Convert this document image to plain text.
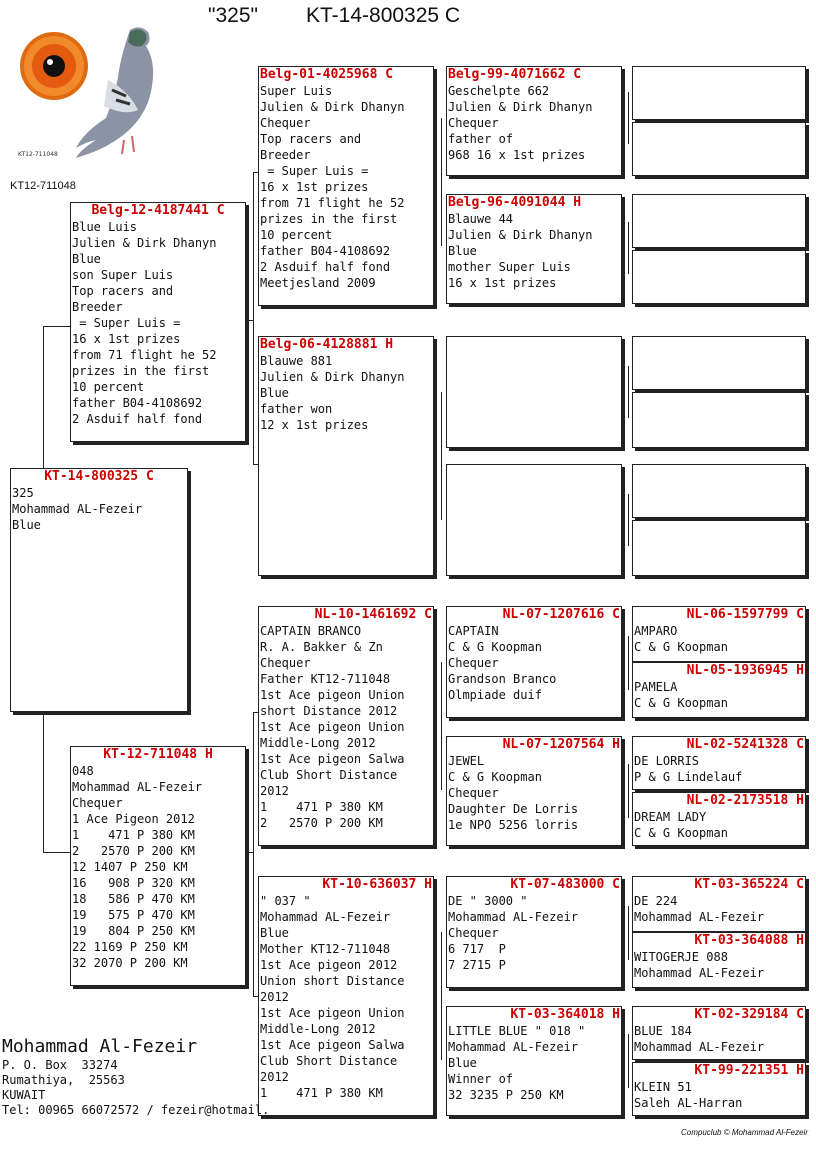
"325" KT-14-800325 C
KT12-711048
KT12-711048
KT-14-800325 C
325
Mohammad AL-Fezeir
Blue
Belg-12-4187441 C
Blue Luis
Julien & Dirk Dhanyn
Blue
son Super Luis
Top racers and
Breeder
= Super Luis =
16 x 1st prizes
from 71 flight he 52
prizes in the first
10 percent
father B04-4108692
2 Asduif half fond
KT-12-711048 H
048
Mohammad AL-Fezeir
Chequer
1 Ace Pigeon 2012
1    471 P 380 KM
2   2570 P 200 KM
12 1407 P 250 KM
16   908 P 320 KM
18   586 P 470 KM
19   575 P 470 KM
19   804 P 250 KM
22 1169 P 250 KM
32 2070 P 200 KM
Belg-01-4025968 C
Super Luis
Julien & Dirk Dhanyn
Chequer
Top racers and
Breeder
= Super Luis =
16 x 1st prizes
from 71 flight he 52
prizes in the first
10 percent
father B04-4108692
2 Asduif half fond
Meetjesland 2009
Belg-06-4128881 H
Blauwe 881
Julien & Dirk Dhanyn
Blue
father won
12 x 1st prizes
NL-10-1461692 C
CAPTAIN BRANCO
R. A. Bakker & Zn
Chequer
Father KT12-711048
1st Ace pigeon Union
short Distance 2012
1st Ace pigeon Union
Middle-Long 2012
1st Ace pigeon Salwa
Club Short Distance
2012
1    471 P 380 KM
2   2570 P 200 KM
KT-10-636037 H
" 037 "
Mohammad AL-Fezeir
Blue
Mother KT12-711048
1st Ace pigeon 2012
Union short Distance
2012
1st Ace pigeon Union
Middle-Long 2012
1st Ace pigeon Salwa
Club Short Distance
2012
1    471 P 380 KM
Belg-99-4071662 C
Geschelpte 662
Julien & Dirk Dhanyn
Chequer
father of
968 16 x 1st prizes
Belg-96-4091044 H
Blauwe 44
Julien & Dirk Dhanyn
Blue
mother Super Luis
16 x 1st prizes
NL-07-1207616 C
CAPTAIN
C & G Koopman
Chequer
Grandson Branco
Olmpiade duif
NL-07-1207564 H
JEWEL
C & G Koopman
Chequer
Daughter De Lorris
1e NPO 5256 lorris
KT-07-483000 C
DE " 3000 "
Mohammad AL-Fezeir
Chequer
6 717  P
7 2715 P
KT-03-364018 H
LITTLE BLUE " 018 "
Mohammad AL-Fezeir
Blue
Winner of
32 3235 P 250 KM
NL-06-1597799 C
AMPARO
C & G Koopman
NL-05-1936945 H
PAMELA
C & G Koopman
NL-02-5241328 C
DE LORRIS
P & G Lindelauf
NL-02-2173518 H
DREAM LADY
C & G Koopman
KT-03-365224 C
DE 224
Mohammad AL-Fezeir
KT-03-364088 H
WITOGERJE 088
Mohammad AL-Fezeir
KT-02-329184 C
BLUE 184
Mohammad AL-Fezeir
KT-99-221351 H
KLEIN 51
Saleh AL-Harran
Mohammad Al-Fezeir
P. O. Box  33274
Rumathiya,  25563
KUWAIT
Tel: 00965 66072572 / fezeir@hotmail.
Compuclub © Mohammad Al-Fezeir
